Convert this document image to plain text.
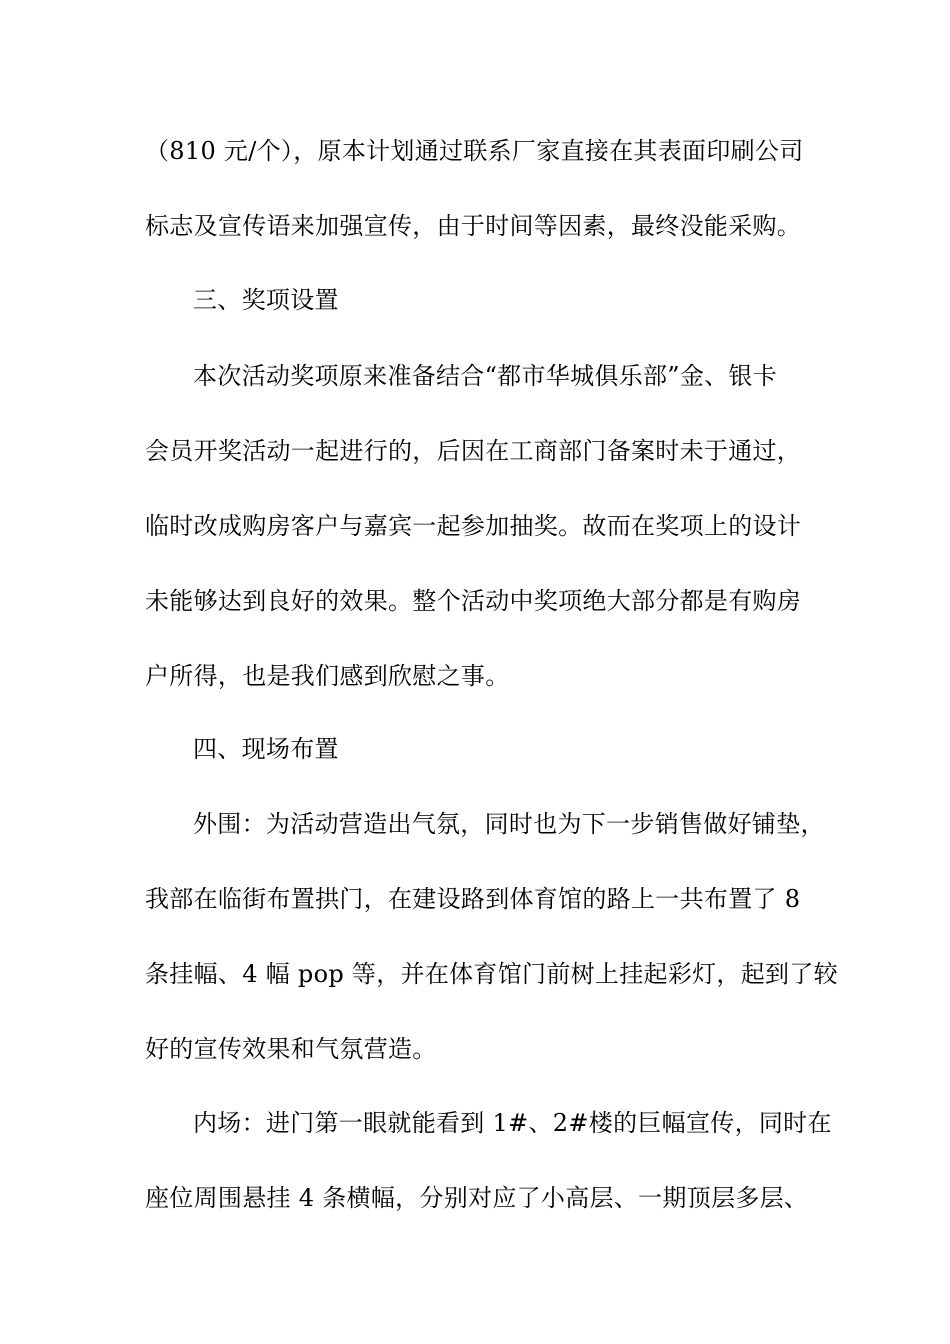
（810 元/个），原本计划通过联系厂家直接在其表面印刷公司
标志及宣传语来加强宣传，由于时间等因素，最终没能采购。
三、奖项设置
本次活动奖项原来准备结合“都市华城俱乐部”金、银卡
会员开奖活动一起进行的，后因在工商部门备案时未于通过，
临时改成购房客户与嘉宾一起参加抽奖。故而在奖项上的设计
未能够达到良好的效果。整个活动中奖项绝大部分都是有购房
户所得，也是我们感到欣慰之事。
四、现场布置
外围：为活动营造出气氛，同时也为下一步销售做好铺垫，
我部在临街布置拱门，在建设路到体育馆的路上一共布置了 8
条挂幅、4 幅 pop 等，并在体育馆门前树上挂起彩灯，起到了较
好的宣传效果和气氛营造。
内场：进门第一眼就能看到 1#、2#楼的巨幅宣传，同时在
座位周围悬挂 4 条横幅，分别对应了小高层、一期顶层多层、
